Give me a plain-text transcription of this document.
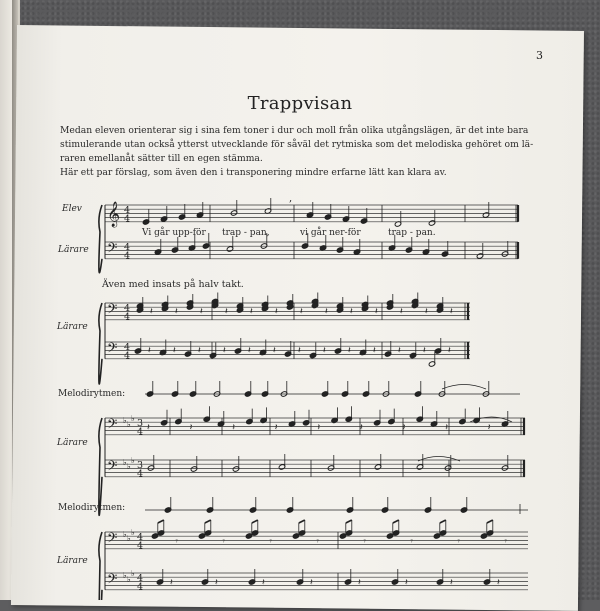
3
Trappvisan
Medan eleven orienterar sig i sina fem toner i dur och moll från olika utgångslägen, är det inte bara
stimulerande utan också ytterst utvecklande för såväl det rytmiska som det melodiska gehöret om lä-
raren emellanåt sätter till en egen stämma.
Här ett par förslag, som även den i transponering mindre erfarne lätt kan klara av.
Elev
Lärare
Vi går upp-för trap - pan,	vi går ner-för	trap - pan.
Även med insats på halv takt.
Lärare
Melodirytmen:
Lärare
Melodirytmen:
Lärare
𝄞
𝄢
4
4
4
4
,
𝄢
𝄢
4
4
4
4
𝄽 𝄽 𝄽 𝄽 𝄽 𝄽 𝄽 𝄽 𝄽 𝄽 𝄽 𝄽 𝄽
𝄽 𝄽 𝄽 𝄽 𝄽 𝄽 𝄽 𝄽 𝄽 𝄽 𝄽 𝄽 𝄽
𝄢
𝄢
♭ ♭
♭
♭ ♭
♭
3
4
3
4
𝄽	𝄽	𝄽	𝄽	𝄽	𝄽	𝄽	𝄽	𝄽
𝄢
𝄢
♭ ♭
♭
♭ ♭
♭
4
4
4
4
𝄾	𝄾	𝄾	𝄾	𝄾	𝄾	𝄾	𝄾
𝄽	𝄽	𝄽	𝄽	𝄽	𝄽	𝄽	𝄽
